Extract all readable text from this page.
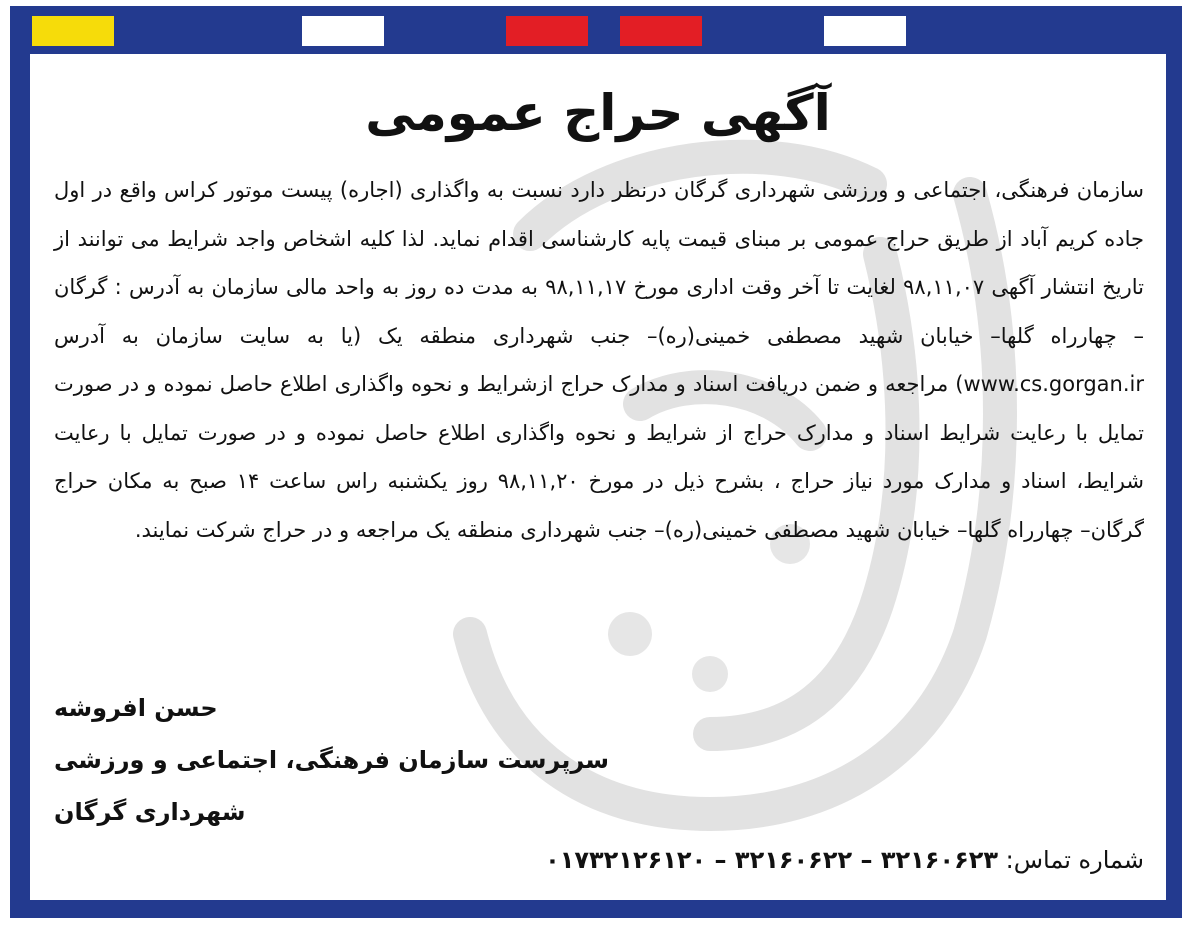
آگهی حراج عمومی

سازمان فرهنگی، اجتماعی و ورزشی شهرداری گرگان درنظر دارد نسبت به واگذاری (اجاره) پیست موتور کراس واقع در اول جاده کریم آباد از طریق حراج عمومی بر مبنای قیمت پایه کارشناسی اقدام نماید. لذا کلیه اشخاص واجد شرایط می توانند از تاریخ انتشار آگهی ۹۸,۱۱,۰۷ لغایت تا آخر وقت اداری مورخ ۹۸,۱۱,۱۷ به مدت ده روز به واحد مالی سازمان به آدرس : گرگان – چهارراه گلها– خیابان شهید مصطفی خمینی(ره)– جنب شهرداری منطقه یک (یا به سایت سازمان به آدرس www.cs.gorgan.ir) مراجعه و ضمن دریافت اسناد و مدارک حراج ازشرایط و نحوه واگذاری اطلاع حاصل نموده و در صورت تمایل با رعایت شرایط اسناد و مدارک حراج از شرایط و نحوه واگذاری اطلاع حاصل نموده و در صورت تمایل با رعایت شرایط، اسناد و مدارک مورد نیاز حراج ، بشرح ذیل در مورخ ۹۸,۱۱,۲۰ روز یکشنبه راس ساعت ۱۴ صبح به مکان حراج گرگان– چهارراه گلها– خیابان شهید مصطفی خمینی(ره)– جنب شهرداری منطقه یک مراجعه و در حراج شرکت نمایند.

حسن افروشه
سرپرست سازمان فرهنگی، اجتماعی و ورزشی
شهرداری گرگان
شماره تماس: ۳۲۱۶۰۶۲۳ – ۳۲۱۶۰۶۲۲ – ۰۱۷۳۲۱۲۶۱۲۰
